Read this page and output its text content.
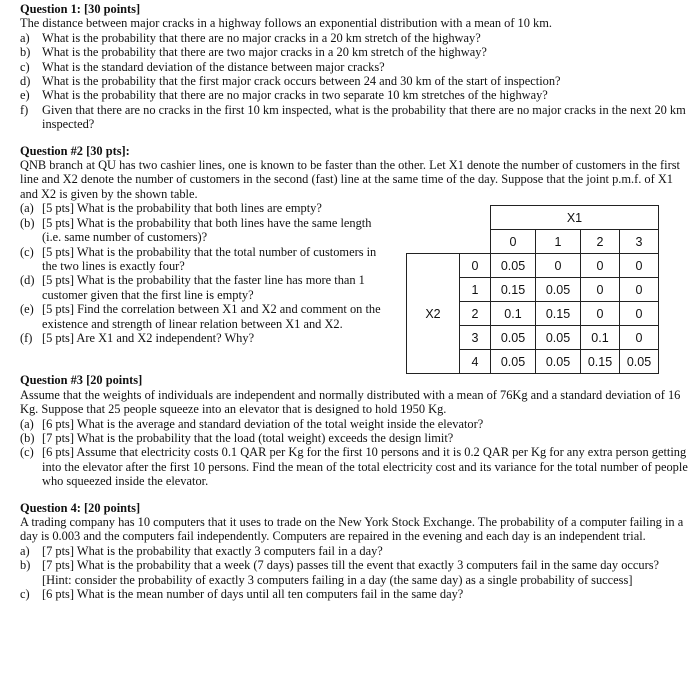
Question 1: [30 points]

The distance between major cracks in a highway follows an exponential distribution with a mean of 10 km.

a) What is the probability that there are no major cracks in a 20 km stretch of the highway?
b) What is the probability that there are two major cracks in a 20 km stretch of the highway?
c) What is the standard deviation of the distance between major cracks?
d) What is the probability that the first major crack occurs between 24 and 30 km of the start of inspection?
e) What is the probability that there are no major cracks in two separate 10 km stretches of the highway?
f)	Given that there are no cracks in the first 10 km inspected, what is the probability that there are no major cracks in the next 20 km inspected?
Question #2 [30 pts]:

QNB branch at QU has two cashier lines, one is known to be faster than the other. Let X1 denote the number of customers in the first line and X2 denote the number of customers in the second (fast) line at the same time of the day. Suppose that the joint p.m.f. of X1 and X2 is given by the shown table.

(a) [5 pts] What is the probability that both lines are empty?
(b) [5 pts] What is the probability that both lines have the same length (i.e. same number of customers)?
(c) [5 pts] What is the probability that the total number of customers in the two lines is exactly four?
(d) [5 pts] What is the probability that the faster line has more than 1 customer given that the first line is empty?
(e) [5 pts] Find the correlation between X1 and X2 and comment on the existence and strength of linear relation between X1 and X2.
(f) [5 pts] Are X1 and X2 independent? Why?
		X1			
		0	1	2	3
X2	0	0.05	0	0	0
	1	0.15	0.05	0	0
	2	0.1	0.15	0	0
	3	0.05	0.05	0.1	0
	4	0.05	0.05	0.15	0.05
Question #3 [20 points]

Assume that the weights of individuals are independent and normally distributed with a mean of 76Kg and a standard deviation of 16 Kg. Suppose that 25 people squeeze into an elevator that is designed to hold 1950 Kg.

(a) [6 pts] What is the average and standard deviation of the total weight inside the elevator?
(b) [7 pts] What is the probability that the load (total weight) exceeds the design limit?
(c) [6 pts] Assume that electricity costs 0.1 QAR per Kg for the first 10 persons and it is 0.2 QAR per Kg for any extra person getting into the elevator after the first 10 persons. Find the mean of the total electricity cost and its variance for the total number of people who squeezed inside the elevator.
Question 4: [20 points]

A trading company has 10 computers that it uses to trade on the New York Stock Exchange. The probability of a computer failing in a day is 0.003 and the computers fail independently. Computers are repaired in the evening and each day is an independent trial.

a) [7 pts] What is the probability that exactly 3 computers fail in a day?
b) [7 pts] What is the probability that a week (7 days) passes till the event that exactly 3 computers fail in the same day occurs? [Hint: consider the probability of exactly 3 computers failing in a day (the same day) as a single probability of success]
c) [6 pts] What is the mean number of days until all ten computers fail in the same day?
